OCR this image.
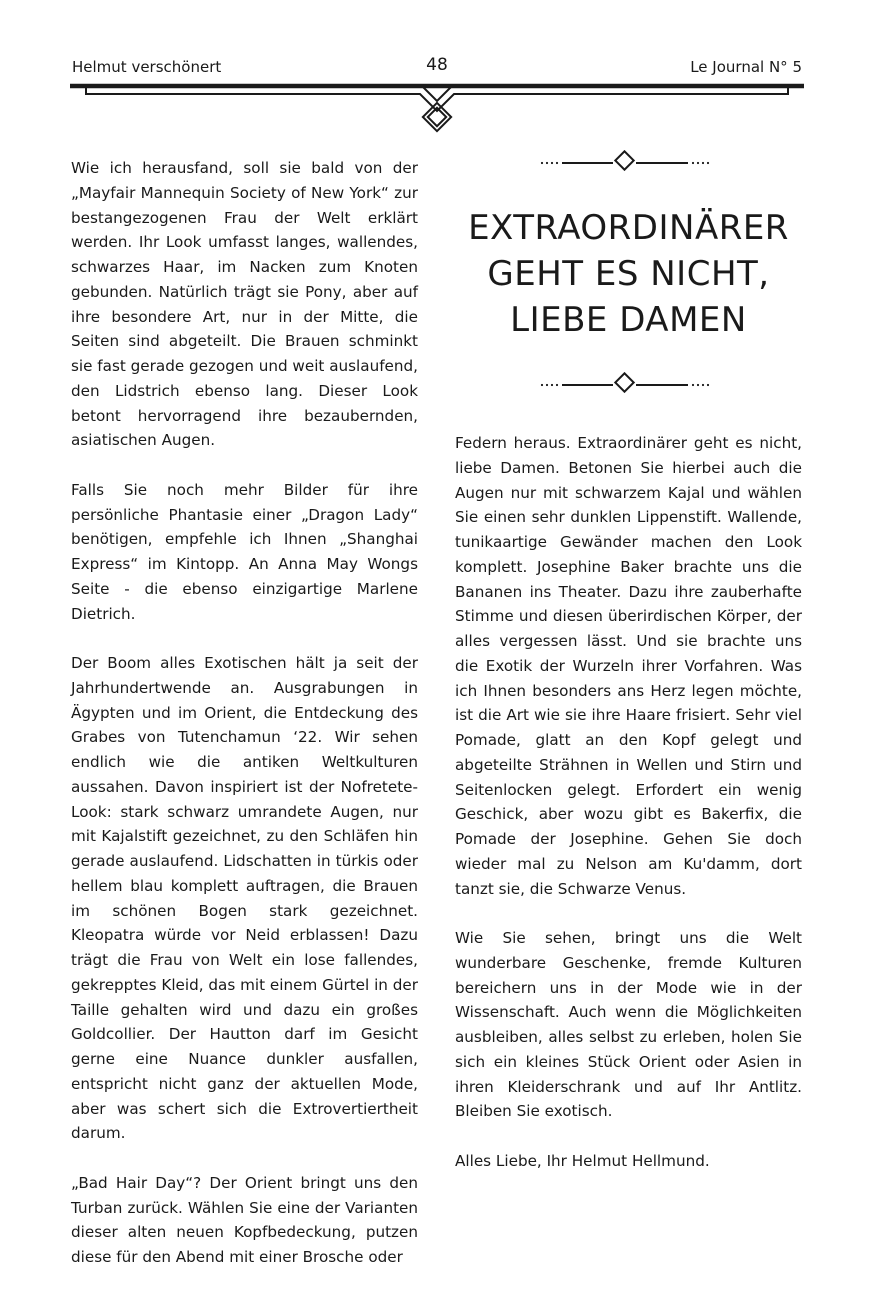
Helmut verschönert	48	Le Journal N° 5

Wie ich herausfand, soll sie bald von der „Mayfair Mannequin Society of New York“ zur bestangezogenen Frau der Welt erklärt werden. Ihr Look umfasst langes, wallendes, schwarzes Haar, im Nacken zum Knoten gebunden. Natürlich trägt sie Pony, aber auf ihre besondere Art, nur in der Mitte, die Seiten sind abgeteilt. Die Brauen schminkt sie fast gerade gezogen und weit auslaufend, den Lidstrich ebenso lang. Dieser Look betont hervorragend ihre bezaubernden, asiatischen Augen.

Falls Sie noch mehr Bilder für ihre persönliche Phantasie einer „Dragon Lady“ benötigen, empfehle ich Ihnen „Shanghai Express“ im Kintopp. An Anna May Wongs Seite - die ebenso einzigartige Marlene Dietrich.

Der Boom alles Exotischen hält ja seit der Jahrhundertwende an. Ausgrabungen in Ägypten und im Orient, die Entdeckung des Grabes von Tutenchamun ‘22. Wir sehen endlich wie die antiken Weltkulturen aussahen. Davon inspiriert ist der Nofretete-Look: stark schwarz umrandete Augen, nur mit Kajalstift gezeichnet, zu den Schläfen hin gerade auslaufend. Lidschatten in türkis oder hellem blau komplett auftragen, die Brauen im schönen Bogen stark gezeichnet. Kleopatra würde vor Neid erblassen! Dazu trägt die Frau von Welt ein lose fallendes, gekrepptes Kleid, das mit einem Gürtel in der Taille gehalten wird und dazu ein großes Goldcollier. Der Hautton darf im Gesicht gerne eine Nuance dunkler ausfallen, entspricht nicht ganz der aktuellen Mode, aber was schert sich die Extrovertiertheit darum.

„Bad Hair Day“? Der Orient bringt uns den Turban zurück. Wählen Sie eine der Varianten dieser alten neuen Kopfbedeckung, putzen diese für den Abend mit einer Brosche oder

EXTRAORDINÄRER
GEHT ES NICHT,
LIEBE DAMEN

Federn heraus. Extraordinärer geht es nicht, liebe Damen. Betonen Sie hierbei auch die Augen nur mit schwarzem Kajal und wählen Sie einen sehr dunklen Lippenstift. Wallende, tunikaartige Gewänder machen den Look komplett. Josephine Baker brachte uns die Bananen ins Theater. Dazu ihre zauberhafte Stimme und diesen überirdischen Körper, der alles vergessen lässt. Und sie brachte uns die Exotik der Wurzeln ihrer Vorfahren. Was ich Ihnen besonders ans Herz legen möchte, ist die Art wie sie ihre Haare frisiert. Sehr viel Pomade, glatt an den Kopf gelegt und abgeteilte Strähnen in Wellen und Stirn und Seitenlocken gelegt. Erfordert ein wenig Geschick, aber wozu gibt es Bakerfix, die Pomade der Josephine. Gehen Sie doch wieder mal zu Nelson am Ku'damm, dort tanzt sie, die Schwarze Venus.

Wie Sie sehen, bringt uns die Welt wunderbare Geschenke, fremde Kulturen bereichern uns in der Mode wie in der Wissenschaft. Auch wenn die Möglichkeiten ausbleiben, alles selbst zu erleben, holen Sie sich ein kleines Stück Orient oder Asien in ihren Kleiderschrank und auf Ihr Antlitz. Bleiben Sie exotisch.

Alles Liebe, Ihr Helmut Hellmund.
